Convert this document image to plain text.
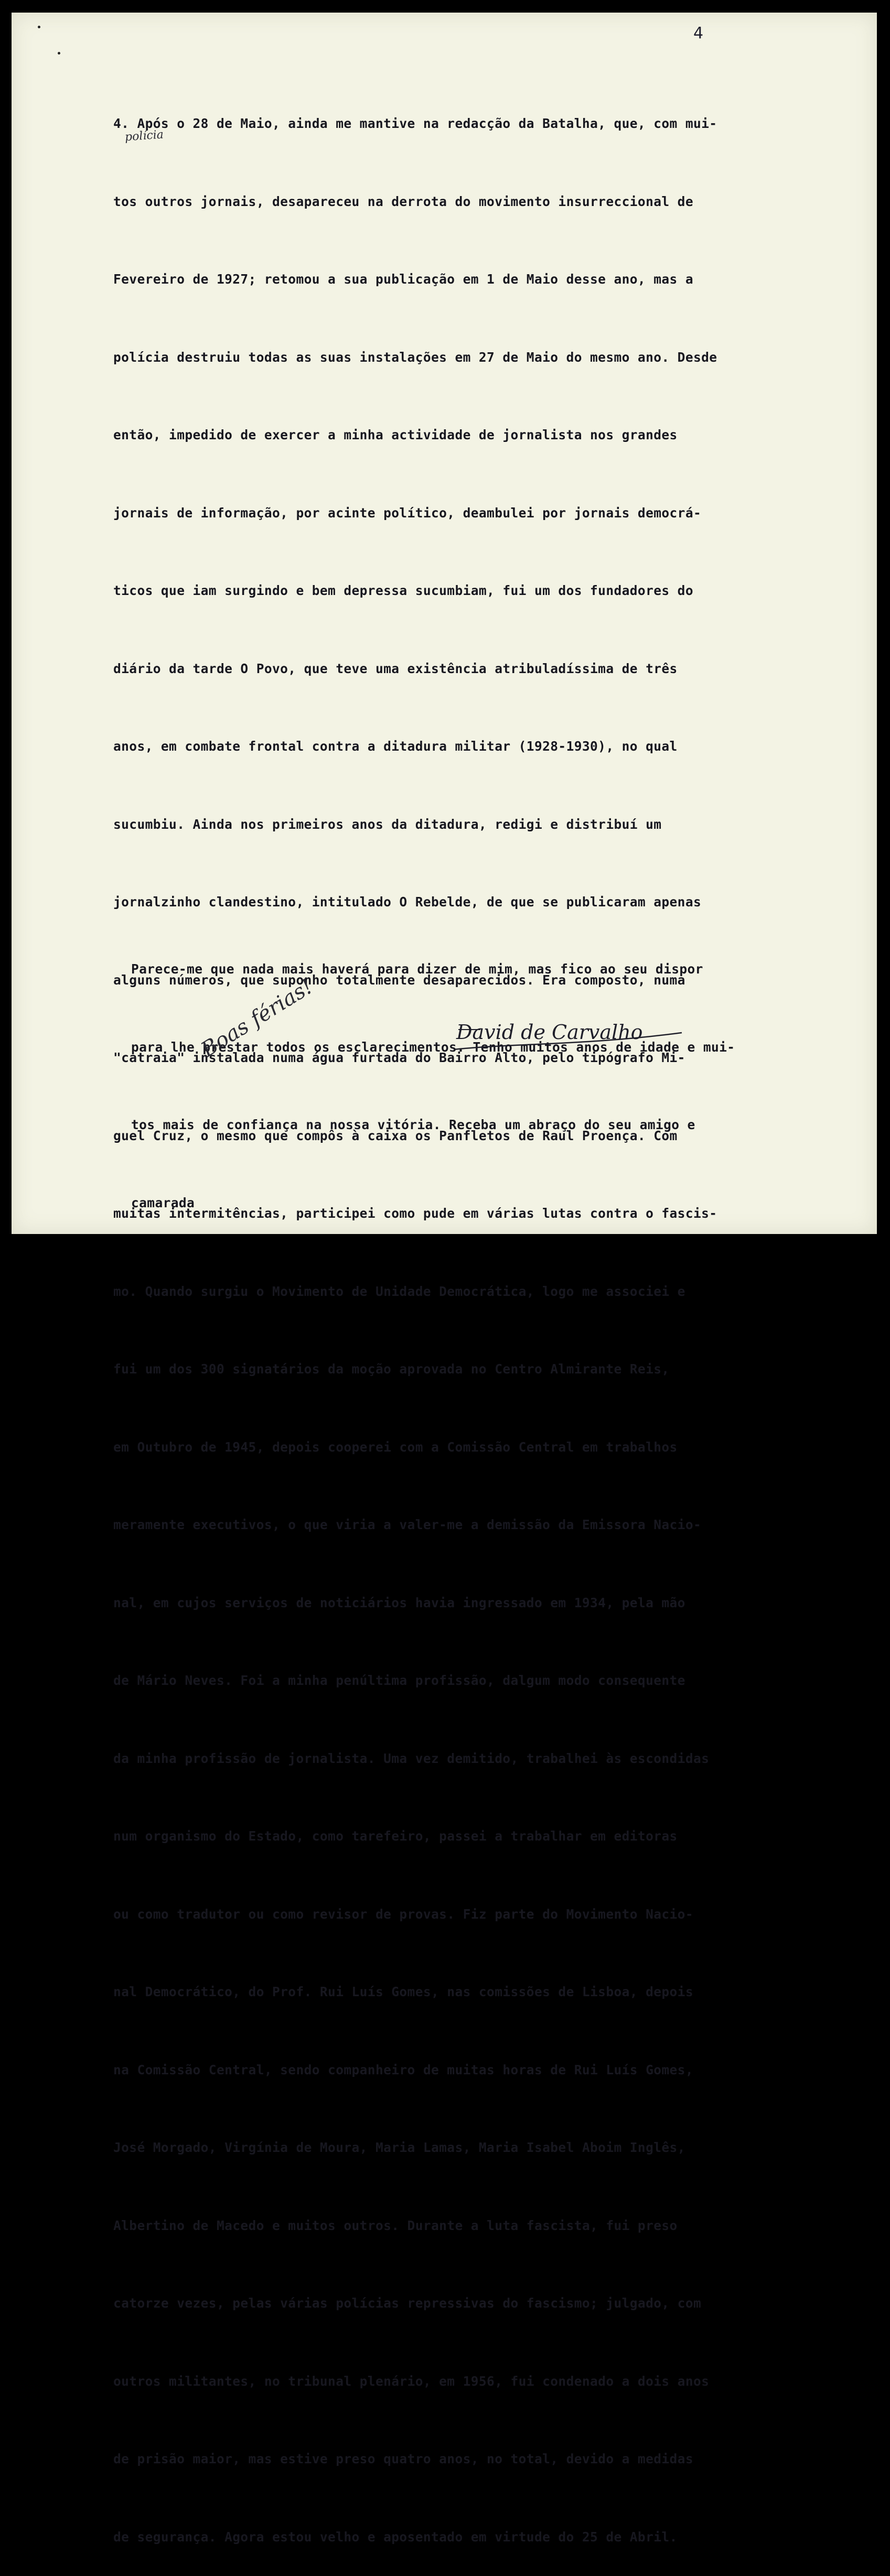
4
polícia

4. Após o 28 de Maio, ainda me mantive na redacção da Batalha, que, com mui-

tos outros jornais, desapareceu na derrota do movimento insurreccional de

Fevereiro de 1927; retomou a sua publicação em 1 de Maio desse ano, mas a

polícia destruiu todas as suas instalações em 27 de Maio do mesmo ano. Desde

então, impedido de exercer a minha actividade de jornalista nos grandes

jornais de informação, por acinte político, deambulei por jornais democrá-

ticos que iam surgindo e bem depressa sucumbiam, fui um dos fundadores do

diário da tarde O Povo, que teve uma existência atribuladíssima de três

anos, em combate frontal contra a ditadura militar (1928-1930), no qual

sucumbiu. Ainda nos primeiros anos da ditadura, redigi e distribuí um

jornalzinho clandestino, intitulado O Rebelde, de que se publicaram apenas

alguns números, que suponho totalmente desaparecidos. Era composto, numa

"catraia" instalada numa água furtada do Bairro Alto, pelo tipógrafo Mi-

guel Cruz, o mesmo que compôs à caixa os Panfletos de Raul Proença. Com

muitas intermitências, participei como pude em várias lutas contra o fascis-

mo. Quando surgiu o Movimento de Unidade Democrática, logo me associei e

fui um dos 300 signatários da moção aprovada no Centro Almirante Reis,

em Outubro de 1945, depois cooperei com a Comissão Central em trabalhos

meramente executivos, o que viria a valer-me a demissão da Emissora Nacio-

nal, em cujos serviços de noticiários havia ingressado em 1934, pela mão

de Mário Neves. Foi a minha penúltima profissão, dalgum modo consequente

da minha profissão de jornalista. Uma vez demitido, trabalhei às escondidas

num organismo do Estado, como tarefeiro, passei a trabalhar em editoras

ou como tradutor ou como revisor de provas. Fiz parte do Movimento Nacio-

nal Democrático, do Prof. Rui Luís Gomes, nas comissões de Lisboa, depois

na Comissão Central, sendo companheiro de muitas horas de Rui Luís Gomes,

José Morgado, Virgínia de Moura, Maria Lamas, Maria Isabel Aboim Inglês,

Albertino de Macedo e muitos outros. Durante a luta fascista, fui preso

catorze vezes, pelas várias polícias repressivas do fascismo; julgado, com

outros militantes, no tribunal plenário, em 1956, fui condenado a dois anos

de prisão maior, mas estive preso quatro anos, no total, devido a medidas

de segurança. Agora estou velho e aposentado em virtude do 25 de Abril.

Parece-me que nada mais haverá para dizer de mim, mas fico ao seu dispor

para lhe prestar todos os esclarecimentos. Tenho muitos anos de idade e mui-

tos mais de confiança na nossa vitória. Receba um abraço do seu amigo e

camarada

Boas férias!	David de Carvalho
